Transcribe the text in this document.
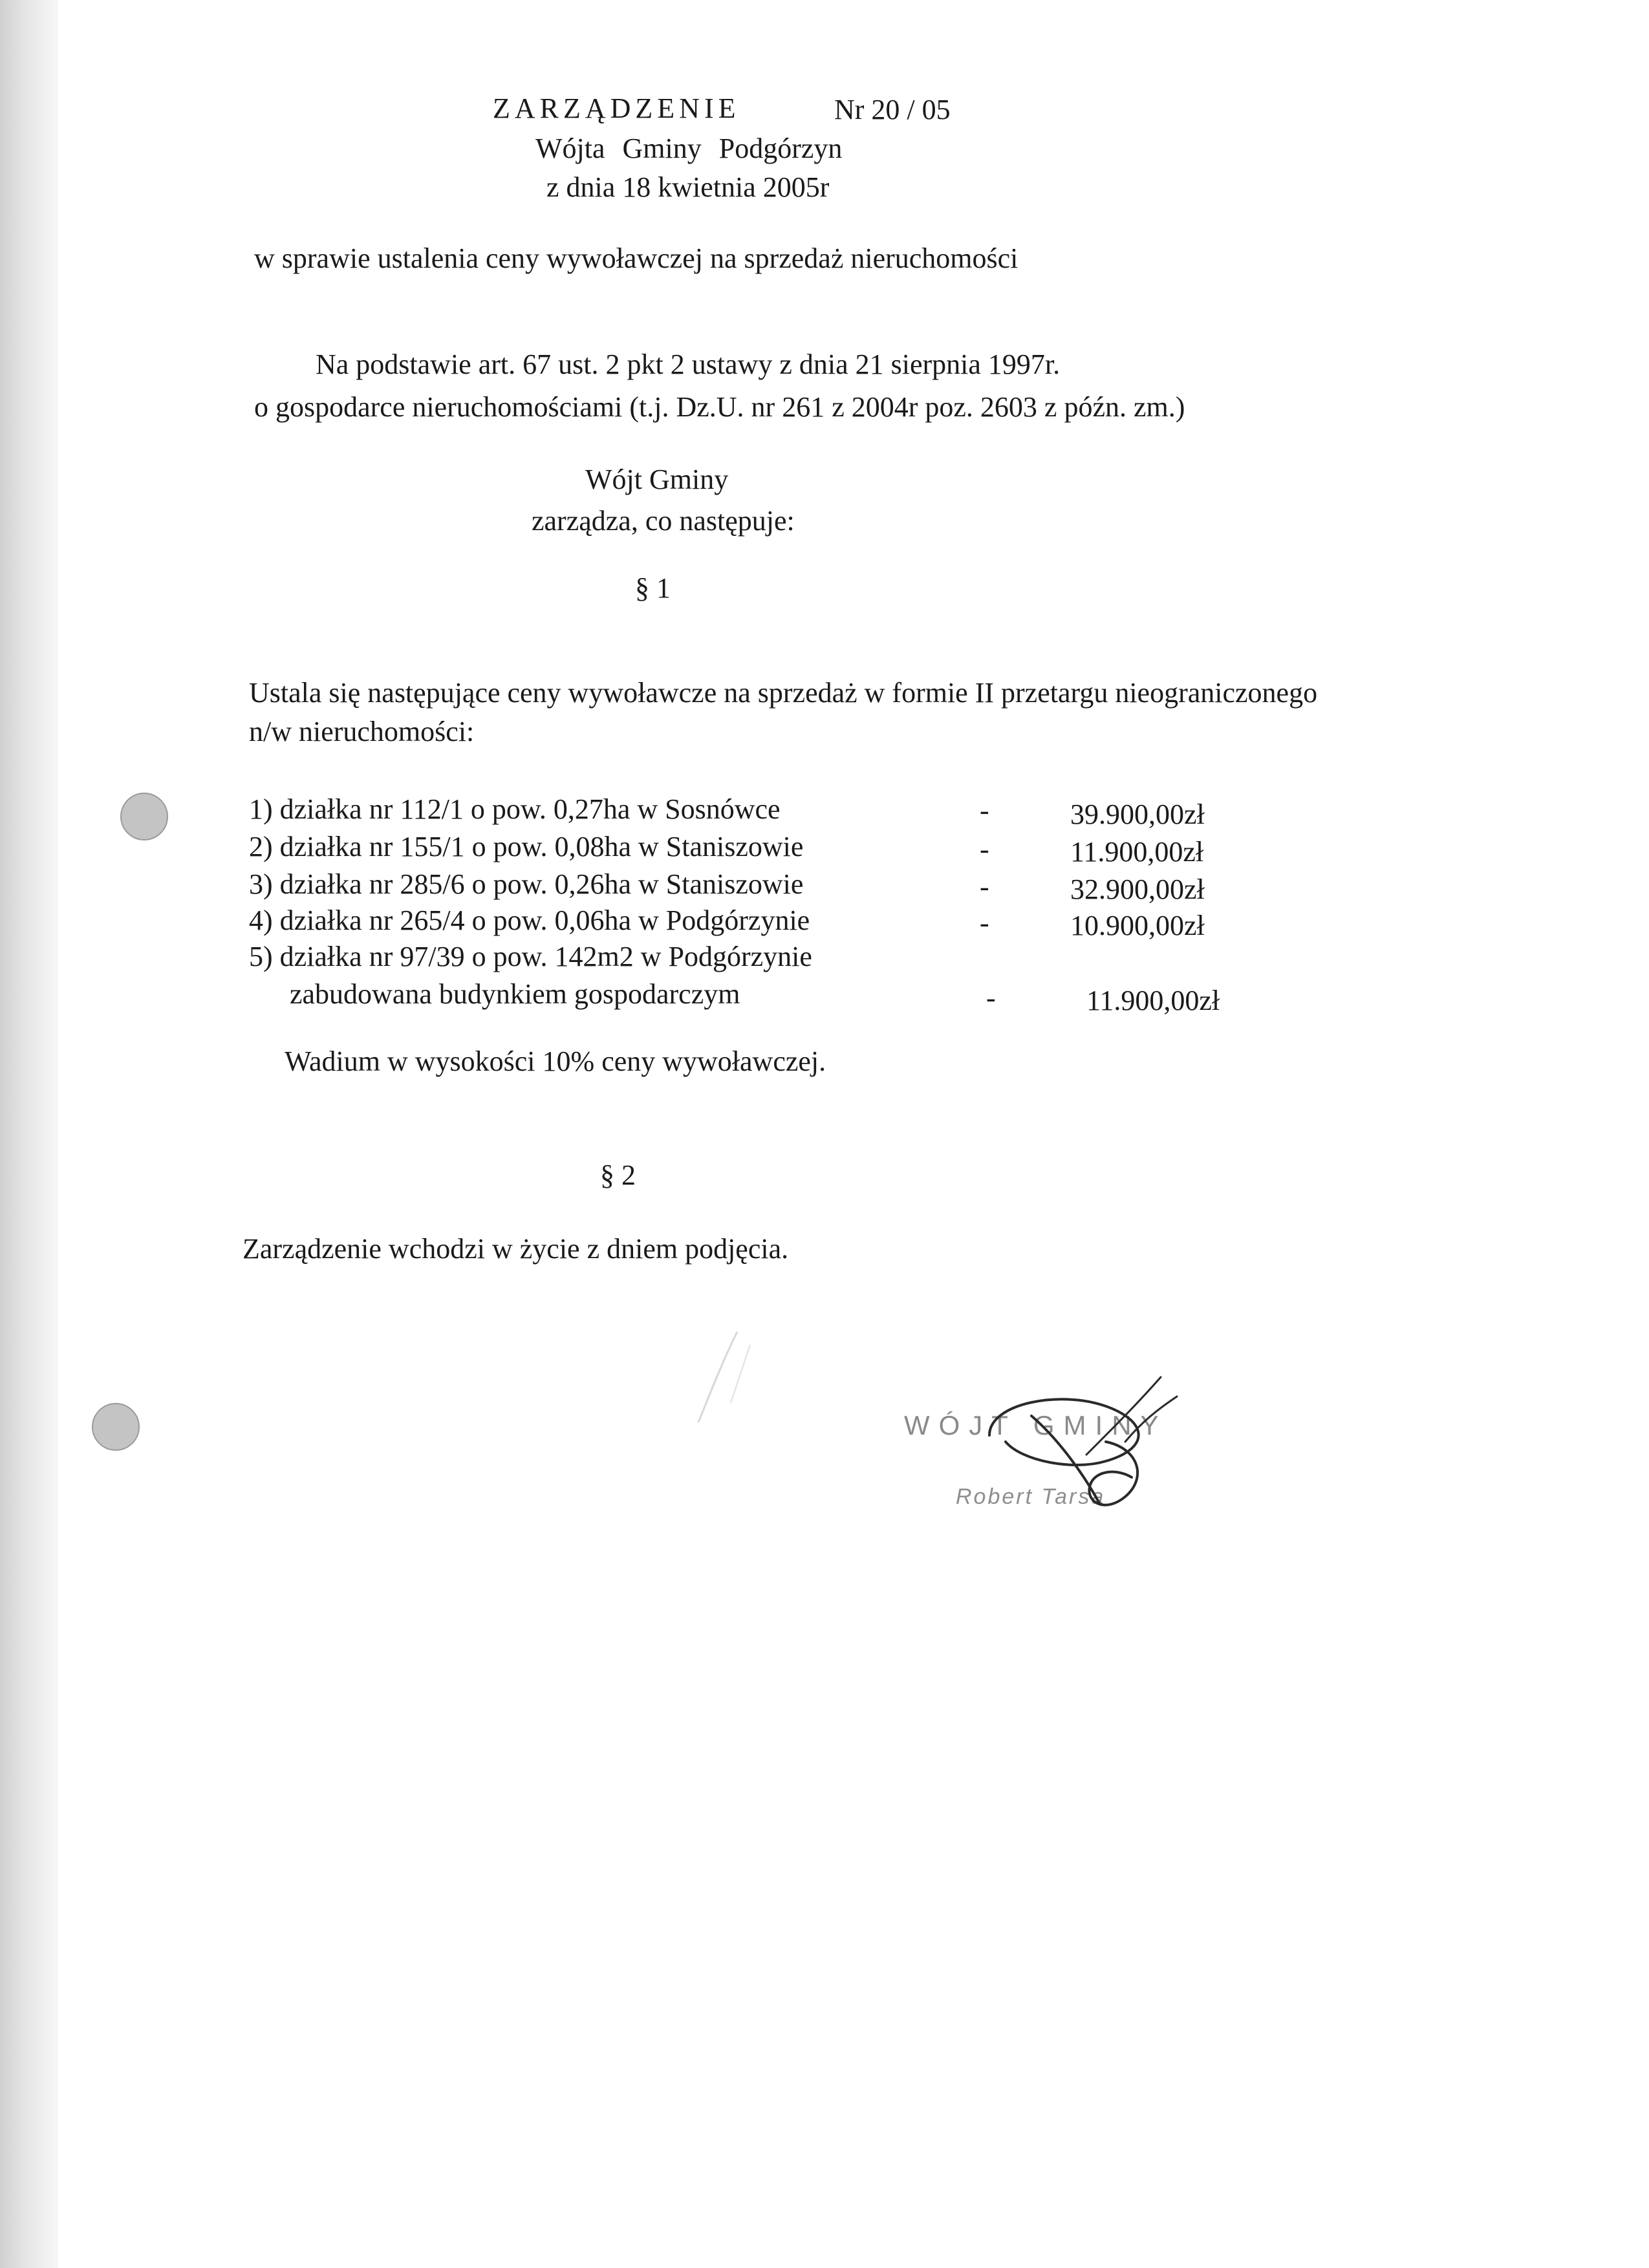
ZARZĄDZENIE	Nr 20 / 05
Wójta Gminy Podgórzyn
z dnia 18 kwietnia 2005r
w sprawie ustalenia ceny wywoławczej na sprzedaż nieruchomości
Na podstawie art. 67 ust. 2 pkt 2 ustawy z dnia 21 sierpnia 1997r.
o gospodarce nieruchomościami (t.j. Dz.U. nr 261 z 2004r poz. 2603 z późn. zm.)
Wójt Gminy
zarządza, co następuje:
§ 1
Ustala się następujące ceny wywoławcze na sprzedaż w formie II przetargu nieograniczonego
n/w nieruchomości:
1) działka nr 112/1 o pow. 0,27ha w Sosnówce	-	39.900,00zł
2) działka nr 155/1 o pow. 0,08ha w Staniszowie	-	11.900,00zł
3) działka nr 285/6 o pow. 0,26ha w Staniszowie	-	32.900,00zł
4) działka nr 265/4 o pow. 0,06ha w Podgórzynie	-	10.900,00zł
5) działka nr 97/39 o pow. 142m2 w Podgórzynie
zabudowana budynkiem gospodarczym	-	11.900,00zł
Wadium w wysokości 10% ceny wywoławczej.
§ 2
Zarządzenie wchodzi w życie z dniem podjęcia.
WÓJT GMINY
Robert Tarsa
